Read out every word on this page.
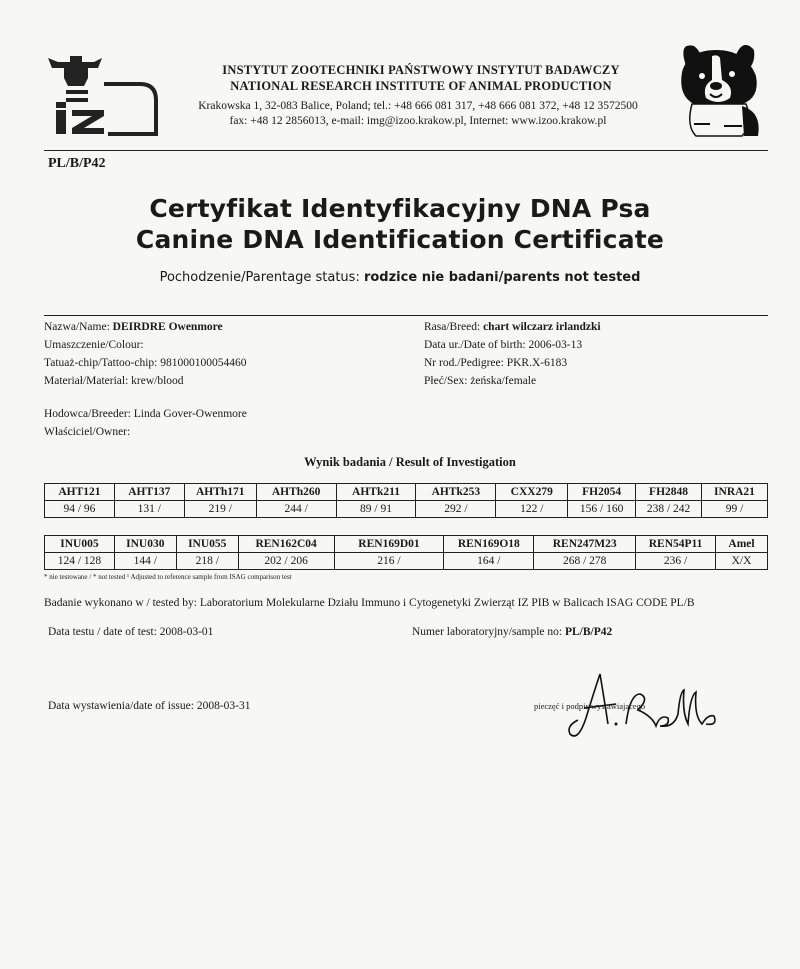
INSTYTUT ZOOTECHNIKI PAŃSTWOWY INSTYTUT BADAWCZY
NATIONAL RESEARCH INSTITUTE OF ANIMAL PRODUCTION
Krakowska 1, 32-083 Balice, Poland; tel.: +48 666 081 317, +48 666 081 372, +48 12 3572500
fax: +48 12 2856013, e-mail: img@izoo.krakow.pl, Internet: www.izoo.krakow.pl
PL/B/P42
Certyfikat Identyfikacyjny DNA Psa
Canine DNA Identification Certificate
Pochodzenie/Parentage status: rodzice nie badani/parents not tested
Nazwa/Name: DEIRDRE Owenmore
Umaszczenie/Colour:
Tatuaż-chip/Tattoo-chip: 981000100054460
Materiał/Material: krew/blood
Rasa/Breed: chart wilczarz irlandzki
Data ur./Date of birth: 2006-03-13
Nr rod./Pedigree: PKR.X-6183
Płeć/Sex: żeńska/female
Hodowca/Breeder: Linda Gover-Owenmore
Właściciel/Owner:
Wynik badania / Result of Investigation
AHT121	AHT137	AHTh171	AHTh260	AHTk211	AHTk253	CXX279	FH2054	FH2848	INRA21
94 / 96	131 /	219 /	244 /	89 / 91	292 /	122 /	156 / 160	238 / 242	99 /
INU005	INU030	INU055	REN162C04	REN169D01	REN169O18	REN247M23	REN54P11	Amel
124 / 128	144 /	218 /	202 / 206	216 /	164 /	268 / 278	236 /	X/X
* nie testowane / * not tested ¹ Adjusted to reference sample from ISAG comparison test
Badanie wykonano w / tested by: Laboratorium Molekularne Działu Immuno i Cytogenetyki Zwierząt IZ PIB w Balicach ISAG CODE PL/B
Data testu / date of test: 2008-03-01	Numer laboratoryjny/sample no: PL/B/P42
Data wystawienia/date of issue: 2008-03-31	pieczęć i podpis wystawiającego
